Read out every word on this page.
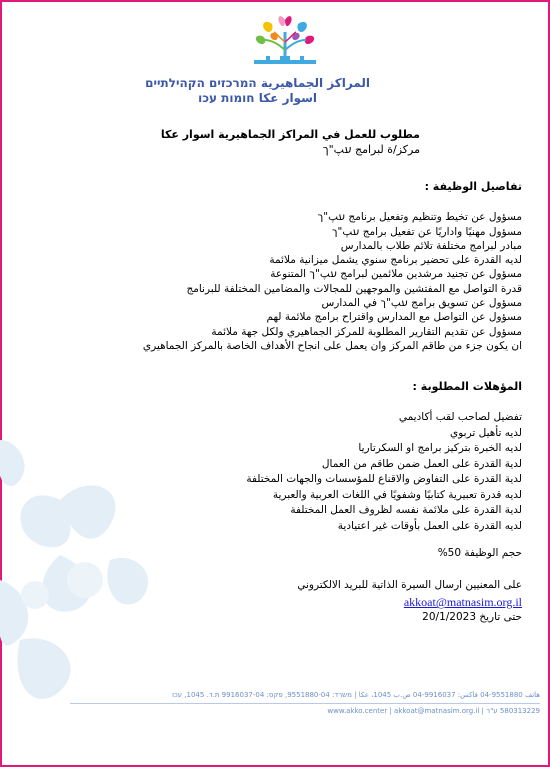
المراكز الجماهيرية המרכזים הקהילתיים
اسوار عكا חומות עכו
مطلوب للعمل في المراكز الجماهيرية اسوار عكا
مركز/ة لبرامج ﬠﭗ"ך
تفاصيل الوظيفة :
مسؤول عن تخيط وتنظيم وتفعيل برنامج ﬠﭗ"ך
مسؤول مهنيًا واداريًا عن تفعيل برامج ﬠﭗ"ך
مبادر لبرامج مختلفة تلائم طلاب بالمدارس
لديه القدرة على تحضير برنامج سنوي يشمل ميزانية ملائمة
مسؤول عن تجنيد مرشدين ملائمين لبرامج ﬠﭗ"ך المتنوعة
قدرة التواصل مع المفتشين والموجهين للمجالات والمضامين المختلفة للبرنامج
مسؤول عن تسويق برامج ﬠﭗ"ך في المدارس
مسؤول عن التواصل مع المدارس واقتراح برامج ملائمة لهم
مسؤول عن تقديم التقارير المطلوبة للمركز الجماهيري ولكل جهة ملائمة
ان يكون جزء من طاقم المركز وان يعمل على انجاح الأهداف الخاصة بالمركز الجماهيري
المؤهلات المطلوبة :
تفضيل لصاحب لقب أكاديمي
لديه تأهيل تربوي
لديه الخبرة بتركيز برامج او السكرتاريا
لدية القدرة على العمل ضمن طاقم من العمال
لدية القدرة على التفاوض والاقناع للمؤسسات والجهات المختلفة
لديه قدرة تعبيرية كتابيًا وشفويًا في اللغات العربية والعبرية
لدية القدرة على ملائمة نفسه لظروف العمل المختلفة
لديه القدرة على العمل بأوقات غير اعتيادية
حجم الوظيفة 50%
على المعنيين ارسال السيرة الذاتية للبريد الالكتروني
akkoat@matnasim.org.il
حتى تاريخ 20/1/2023
هاتف 9551880-04 فاكس: 9916037-04 ص.ب 1045، عكا | משרד: 9551880-04, פקס: 9916037-04 ת.ד. 1045, עכו
580313229 ע"ר | www.akko.center | akkoat@matnasim.org.il
